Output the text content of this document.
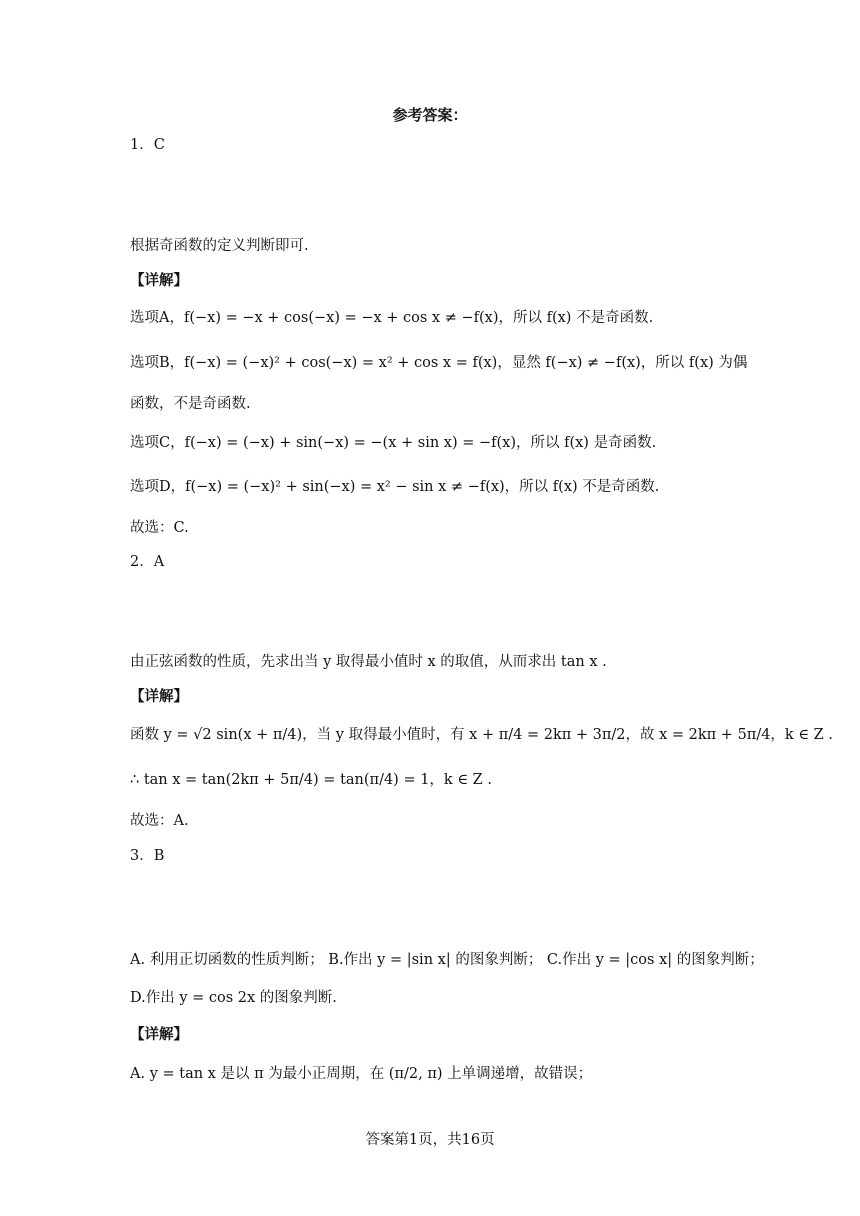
参考答案：
1．C
根据奇函数的定义判断即可.
【详解】
选项A，f(−x) = −x + cos(−x) = −x + cos x ≠ −f(x)，所以 f(x) 不是奇函数.
选项B，f(−x) = (−x)² + cos(−x) = x² + cos x = f(x)，显然 f(−x) ≠ −f(x)，所以 f(x) 为偶
函数，不是奇函数.
选项C，f(−x) = (−x) + sin(−x) = −(x + sin x) = −f(x)，所以 f(x) 是奇函数.
选项D，f(−x) = (−x)² + sin(−x) = x² − sin x ≠ −f(x)，所以 f(x) 不是奇函数.
故选：C.
2．A
由正弦函数的性质，先求出当 y 取得最小值时 x 的取值，从而求出 tan x .
【详解】
函数 y = √2 sin(x + π/4)，当 y 取得最小值时，有 x + π/4 = 2kπ + 3π/2，故 x = 2kπ + 5π/4，k ∈ Z .
∴ tan x = tan(2kπ + 5π/4) = tan(π/4) = 1，k ∈ Z .
故选：A.
3．B
A. 利用正切函数的性质判断； B.作出 y = |sin x| 的图象判断； C.作出 y = |cos x| 的图象判断；
D.作出 y = cos 2x 的图象判断.
【详解】
A. y = tan x 是以 π 为最小正周期，在 (π/2, π) 上单调递增，故错误；
答案第1页，共16页
